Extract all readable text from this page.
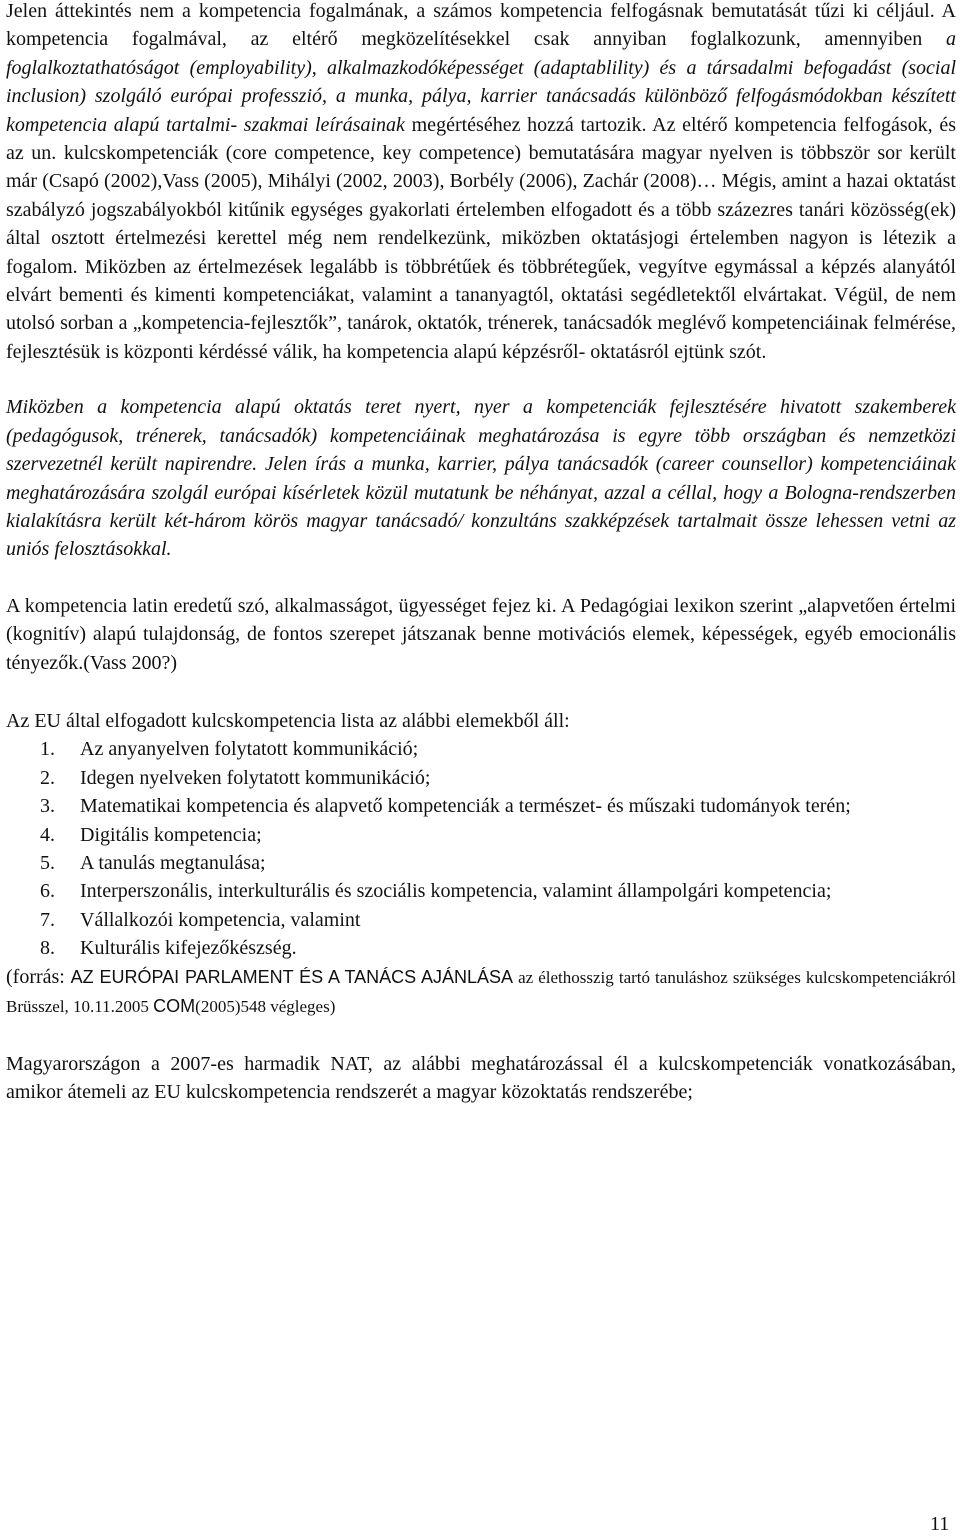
Jelen áttekintés nem a kompetencia fogalmának, a számos kompetencia felfogásnak bemutatását tűzi ki céljául. A kompetencia fogalmával, az eltérő megközelítésekkel csak annyiban foglalkozunk, amennyiben a foglalkoztathatóságot (employability), alkalmazkodóképességet (adaptablility) és a társadalmi befogadást (social inclusion) szolgáló európai professzió, a munka, pálya, karrier tanácsadás különböző felfogásmódokban készített kompetencia alapú tartalmi- szakmai leírásainak megértéséhez hozzá tartozik. Az eltérő kompetencia felfogások, és az un. kulcskompetenciák (core competence, key competence) bemutatására magyar nyelven is többször sor került már (Csapó (2002),Vass (2005), Mihályi (2002, 2003), Borbély (2006), Zachár (2008)… Mégis, amint a hazai oktatást szabályzó jogszabályokból kitűnik egységes gyakorlati értelemben elfogadott és a több százezres tanári közösség(ek) által osztott értelmezési kerettel még nem rendelkezünk, miközben oktatásjogi értelemben nagyon is létezik a fogalom. Miközben az értelmezések legalább is többrétűek és többrétegűek, vegyítve egymással a képzés alanyától elvárt bementi és kimenti kompetenciákat, valamint a tananyagtól, oktatási segédletektől elvártakat. Végül, de nem utolsó sorban a „kompetencia-fejlesztők”, tanárok, oktatók, trénerek, tanácsadók meglévő kompetenciáinak felmérése, fejlesztésük is központi kérdéssé válik, ha kompetencia alapú képzésről- oktatásról ejtünk szót.

Miközben a kompetencia alapú oktatás teret nyert, nyer a kompetenciák fejlesztésére hivatott szakemberek (pedagógusok, trénerek, tanácsadók) kompetenciáinak meghatározása is egyre több országban és nemzetközi szervezetnél került napirendre. Jelen írás a munka, karrier, pálya tanácsadók (career counsellor) kompetenciáinak meghatározására szolgál európai kísérletek közül mutatunk be néhányat, azzal a céllal, hogy a Bologna-rendszerben kialakításra került két-három körös magyar tanácsadó/ konzultáns szakképzések tartalmait össze lehessen vetni az uniós felosztásokkal.

A kompetencia latin eredetű szó, alkalmasságot, ügyességet fejez ki. A Pedagógiai lexikon szerint „alapvetően értelmi (kognitív) alapú tulajdonság, de fontos szerepet játszanak benne motivációs elemek, képességek, egyéb emocionális tényezők.(Vass 200?)

Az EU által elfogadott kulcskompetencia lista az alábbi elemekből áll:

1. Az anyanyelven folytatott kommunikáció;
2. Idegen nyelveken folytatott kommunikáció;
3. Matematikai kompetencia és alapvető kompetenciák a természet- és műszaki tudományok terén;
4. Digitális kompetencia;
5. A tanulás megtanulása;
6. Interperszonális, interkulturális és szociális kompetencia, valamint állampolgári kompetencia;
7. Vállalkozói kompetencia, valamint
8. Kulturális kifejezőkészség.

(forrás: AZ EURÓPAI PARLAMENT ÉS A TANÁCS AJÁNLÁSA az élethosszig tartó tanuláshoz szükséges kulcskompetenciákról Brüsszel, 10.11.2005 COM(2005)548 végleges)

Magyarországon a 2007-es harmadik NAT, az alábbi meghatározással él a kulcskompetenciák vonatkozásában, amikor átemeli az EU kulcskompetencia rendszerét a magyar közoktatás rendszerébe;

11
